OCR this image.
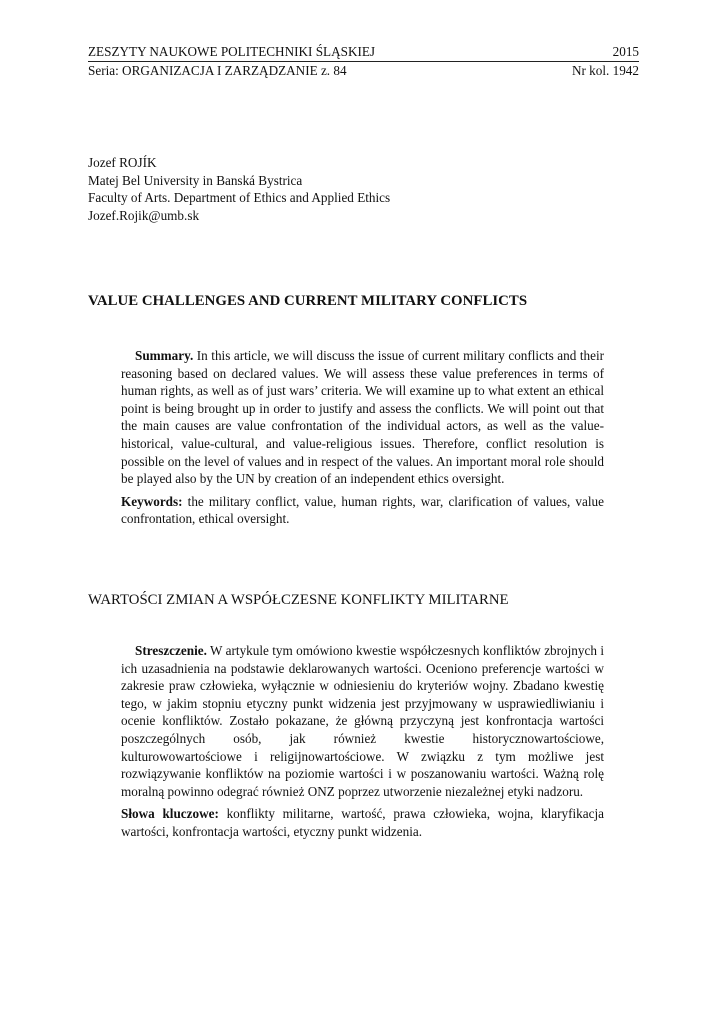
ZESZYTY NAUKOWE POLITECHNIKI ŚLĄSKIEJ	2015
Seria: ORGANIZACJA I ZARZĄDZANIE z. 84	Nr kol. 1942
Jozef ROJÍK
Matej Bel University in Banská Bystrica
Faculty of Arts. Department of Ethics and Applied Ethics
Jozef.Rojik@umb.sk
VALUE CHALLENGES AND CURRENT MILITARY CONFLICTS

Summary. In this article, we will discuss the issue of current military conflicts and their reasoning based on declared values. We will assess these value preferences in terms of human rights, as well as of just wars’ criteria. We will examine up to what extent an ethical point is being brought up in order to justify and assess the conflicts. We will point out that the main causes are value confrontation of the individual actors, as well as the value-historical, value-cultural, and value-religious issues. Therefore, conflict resolution is possible on the level of values and in respect of the values. An important moral role should be played also by the UN by creation of an independent ethics oversight.

Keywords: the military conflict, value, human rights, war, clarification of values, value confrontation, ethical oversight.

WARTOŚCI ZMIAN A WSPÓŁCZESNE KONFLIKTY MILITARNE

Streszczenie. W artykule tym omówiono kwestie współczesnych konfliktów zbrojnych i ich uzasadnienia na podstawie deklarowanych wartości. Oceniono preferencje wartości w zakresie praw człowieka, wyłącznie w odniesieniu do kryteriów wojny. Zbadano kwestię tego, w jakim stopniu etyczny punkt widzenia jest przyjmowany w usprawiedliwianiu i ocenie konfliktów. Zostało pokazane, że główną przyczyną jest konfrontacja wartości poszczególnych osób, jak również kwestie historycznowartościowe, kulturowowartościowe i religijnowartościowe. W związku z tym możliwe jest rozwiązywanie konfliktów na poziomie wartości i w poszanowaniu wartości. Ważną rolę moralną powinno odegrać również ONZ poprzez utworzenie niezależnej etyki nadzoru.

Słowa kluczowe: konflikty militarne, wartość, prawa człowieka, wojna, klaryfikacja wartości, konfrontacja wartości, etyczny punkt widzenia.
